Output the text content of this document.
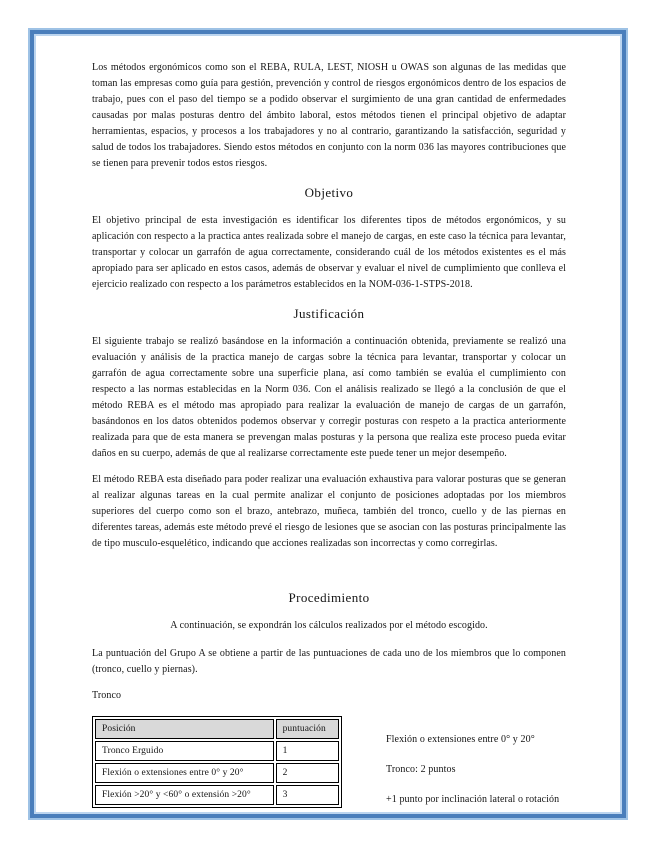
Los métodos ergonómicos como son el REBA, RULA, LEST, NIOSH u OWAS son algunas de las medidas que toman las empresas como guía para gestión, prevención y control de riesgos ergonómicos dentro de los espacios de trabajo, pues con el paso del tiempo se a podido observar el surgimiento de una gran cantidad de enfermedades causadas por malas posturas dentro del ámbito laboral, estos métodos tienen el principal objetivo de adaptar herramientas, espacios, y procesos a los trabajadores y no al contrario, garantizando la satisfacción, seguridad y salud de todos los trabajadores. Siendo estos métodos en conjunto con la norm 036 las mayores contribuciones que se tienen para prevenir todos estos riesgos.

Objetivo

El objetivo principal de esta investigación es identificar los diferentes tipos de métodos ergonómicos, y su aplicación con respecto a la practica antes realizada sobre el manejo de cargas, en este caso la técnica para levantar, transportar y colocar un garrafón de agua correctamente, considerando cuál de los métodos existentes es el más apropiado para ser aplicado en estos casos, además de observar y evaluar el nivel de cumplimiento que conlleva el ejercicio realizado con respecto a los parámetros establecidos en la NOM-036-1-STPS-2018.

Justificación

El siguiente trabajo se realizó basándose en la información a continuación obtenida, previamente se realizó una evaluación y análisis de la practica manejo de cargas sobre la técnica para levantar, transportar y colocar un garrafón de agua correctamente sobre una superficie plana, así como también se evalúa el cumplimiento con respecto a las normas establecidas en la Norm 036. Con el análisis realizado se llegó a la conclusión de que el método REBA es el método mas apropiado para realizar la evaluación de manejo de cargas de un garrafón, basándonos en los datos obtenidos podemos observar y corregir posturas con respeto a la practica anteriormente realizada para que de esta manera se prevengan malas posturas y la persona que realiza este proceso pueda evitar daños en su cuerpo, además de que al realizarse correctamente este puede tener un mejor desempeño.

El método REBA esta diseñado para poder realizar una evaluación exhaustiva para valorar posturas que se generan al realizar algunas tareas en la cual permite analizar el conjunto de posiciones adoptadas por los miembros superiores del cuerpo como son el brazo, antebrazo, muñeca, también del tronco, cuello y de las piernas en diferentes tareas, además este método prevé el riesgo de lesiones que se asocian con las posturas principalmente las de tipo musculo-esquelético, indicando que acciones realizadas son incorrectas y como corregirlas.

Procedimiento

A continuación, se expondrán los cálculos realizados por el método escogido.

La puntuación del Grupo A se obtiene a partir de las puntuaciones de cada uno de los miembros que lo componen (tronco, cuello y piernas).

Tronco

Posición	puntuación
Tronco Erguido	1
Flexión o extensiones entre 0° y 20°	2
Flexión >20° y <60° o extensión >20°	3

Flexión o extensiones entre 0° y 20°

Tronco: 2 puntos

+1 punto por inclinación lateral o rotación
